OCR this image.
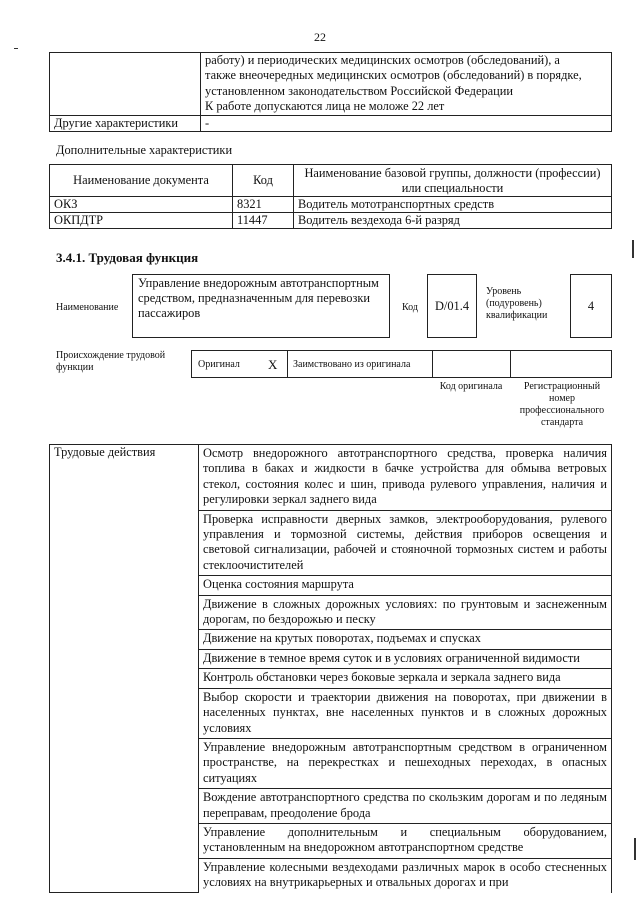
22

	работу) и периодических медицинских осмотров (обследований), а
также внеочередных медицинских осмотров (обследований) в порядке,
установленном законодательством Российской Федерации
К работе допускаются лица не моложе 22 лет

Другие характеристики	-
Дополнительные характеристики
Наименование документа	Код	Наименование базовой группы, должности (профессии) или специальности
ОКЗ	8321	Водитель мототранспортных средств
ОКПДТР	11447	Водитель вездехода 6-й разряд
3.4.1. Трудовая функция
Наименование
Управление внедорожным автотранспортным средством, предназначенным для перевозки пассажиров	Код	D/01.4
Уровень (подуровень) квалификации
4
Происхождение трудовой функции	Оригинал X Заимствовано из оригинала
Код оригинала	Регистрационный номер профессионального стандарта
Трудовые действия	Осмотр внедорожного автотранспортного средства, проверка наличия топлива в баках и жидкости в бачке устройства для обмыва ветровых стекол, состояния колес и шин, привода рулевого управления, наличия и регулировки зеркал заднего вида
Проверка исправности дверных замков, электрооборудования, рулевого управления и тормозной системы, действия приборов освещения и световой сигнализации, рабочей и стояночной тормозных систем и работы стеклоочистителей
Оценка состояния маршрута
Движение в сложных дорожных условиях: по грунтовым и заснеженным дорогам, по бездорожью и песку
Движение на крутых поворотах, подъемах и спусках
Движение в темное время суток и в условиях ограниченной видимости
Контроль обстановки через боковые зеркала и зеркала заднего вида
Выбор скорости и траектории движения на поворотах, при движении в населенных пунктах, вне населенных пунктов и в сложных дорожных условиях
Управление внедорожным автотранспортным средством в ограниченном пространстве, на перекрестках и пешеходных переходах, в опасных ситуациях
Вождение автотранспортного средства по скользким дорогам и по ледяным переправам, преодоление брода
Управление дополнительным и специальным оборудованием, установленным на внедорожном автотранспортном средстве
Управление колесными вездеходами различных марок в особо стесненных условиях на внутрикарьерных и отвальных дорогах и при
